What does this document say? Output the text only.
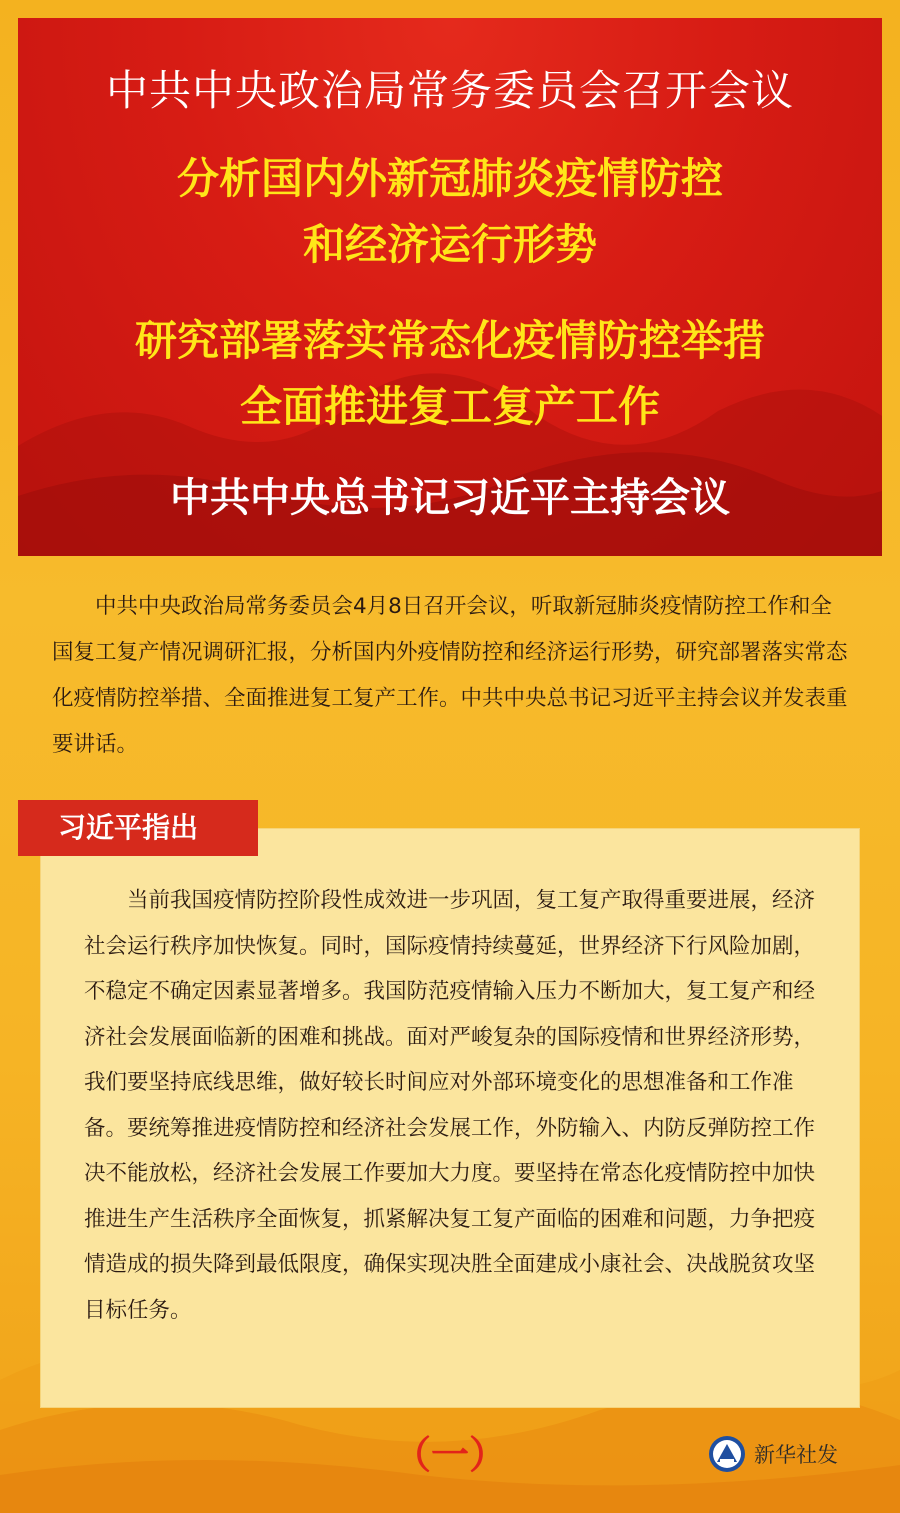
中共中央政治局常务委员会召开会议
分析国内外新冠肺炎疫情防控
和经济运行形势
研究部署落实常态化疫情防控举措
全面推进复工复产工作
中共中央总书记习近平主持会议

中共中央政治局常务委员会4月8日召开会议，听取新冠肺炎疫情防控工作和全国复工复产情况调研汇报，分析国内外疫情防控和经济运行形势，研究部署落实常态化疫情防控举措、全面推进复工复产工作。中共中央总书记习近平主持会议并发表重要讲话。

习近平指出

当前我国疫情防控阶段性成效进一步巩固，复工复产取得重要进展，经济社会运行秩序加快恢复。同时，国际疫情持续蔓延，世界经济下行风险加剧，不稳定不确定因素显著增多。我国防范疫情输入压力不断加大，复工复产和经济社会发展面临新的困难和挑战。面对严峻复杂的国际疫情和世界经济形势，我们要坚持底线思维，做好较长时间应对外部环境变化的思想准备和工作准备。要统筹推进疫情防控和经济社会发展工作，外防输入、内防反弹防控工作决不能放松，经济社会发展工作要加大力度。要坚持在常态化疫情防控中加快推进生产生活秩序全面恢复，抓紧解决复工复产面临的困难和问题，力争把疫情造成的损失降到最低限度，确保实现决胜全面建成小康社会、决战脱贫攻坚目标任务。

（一）	新华社发
